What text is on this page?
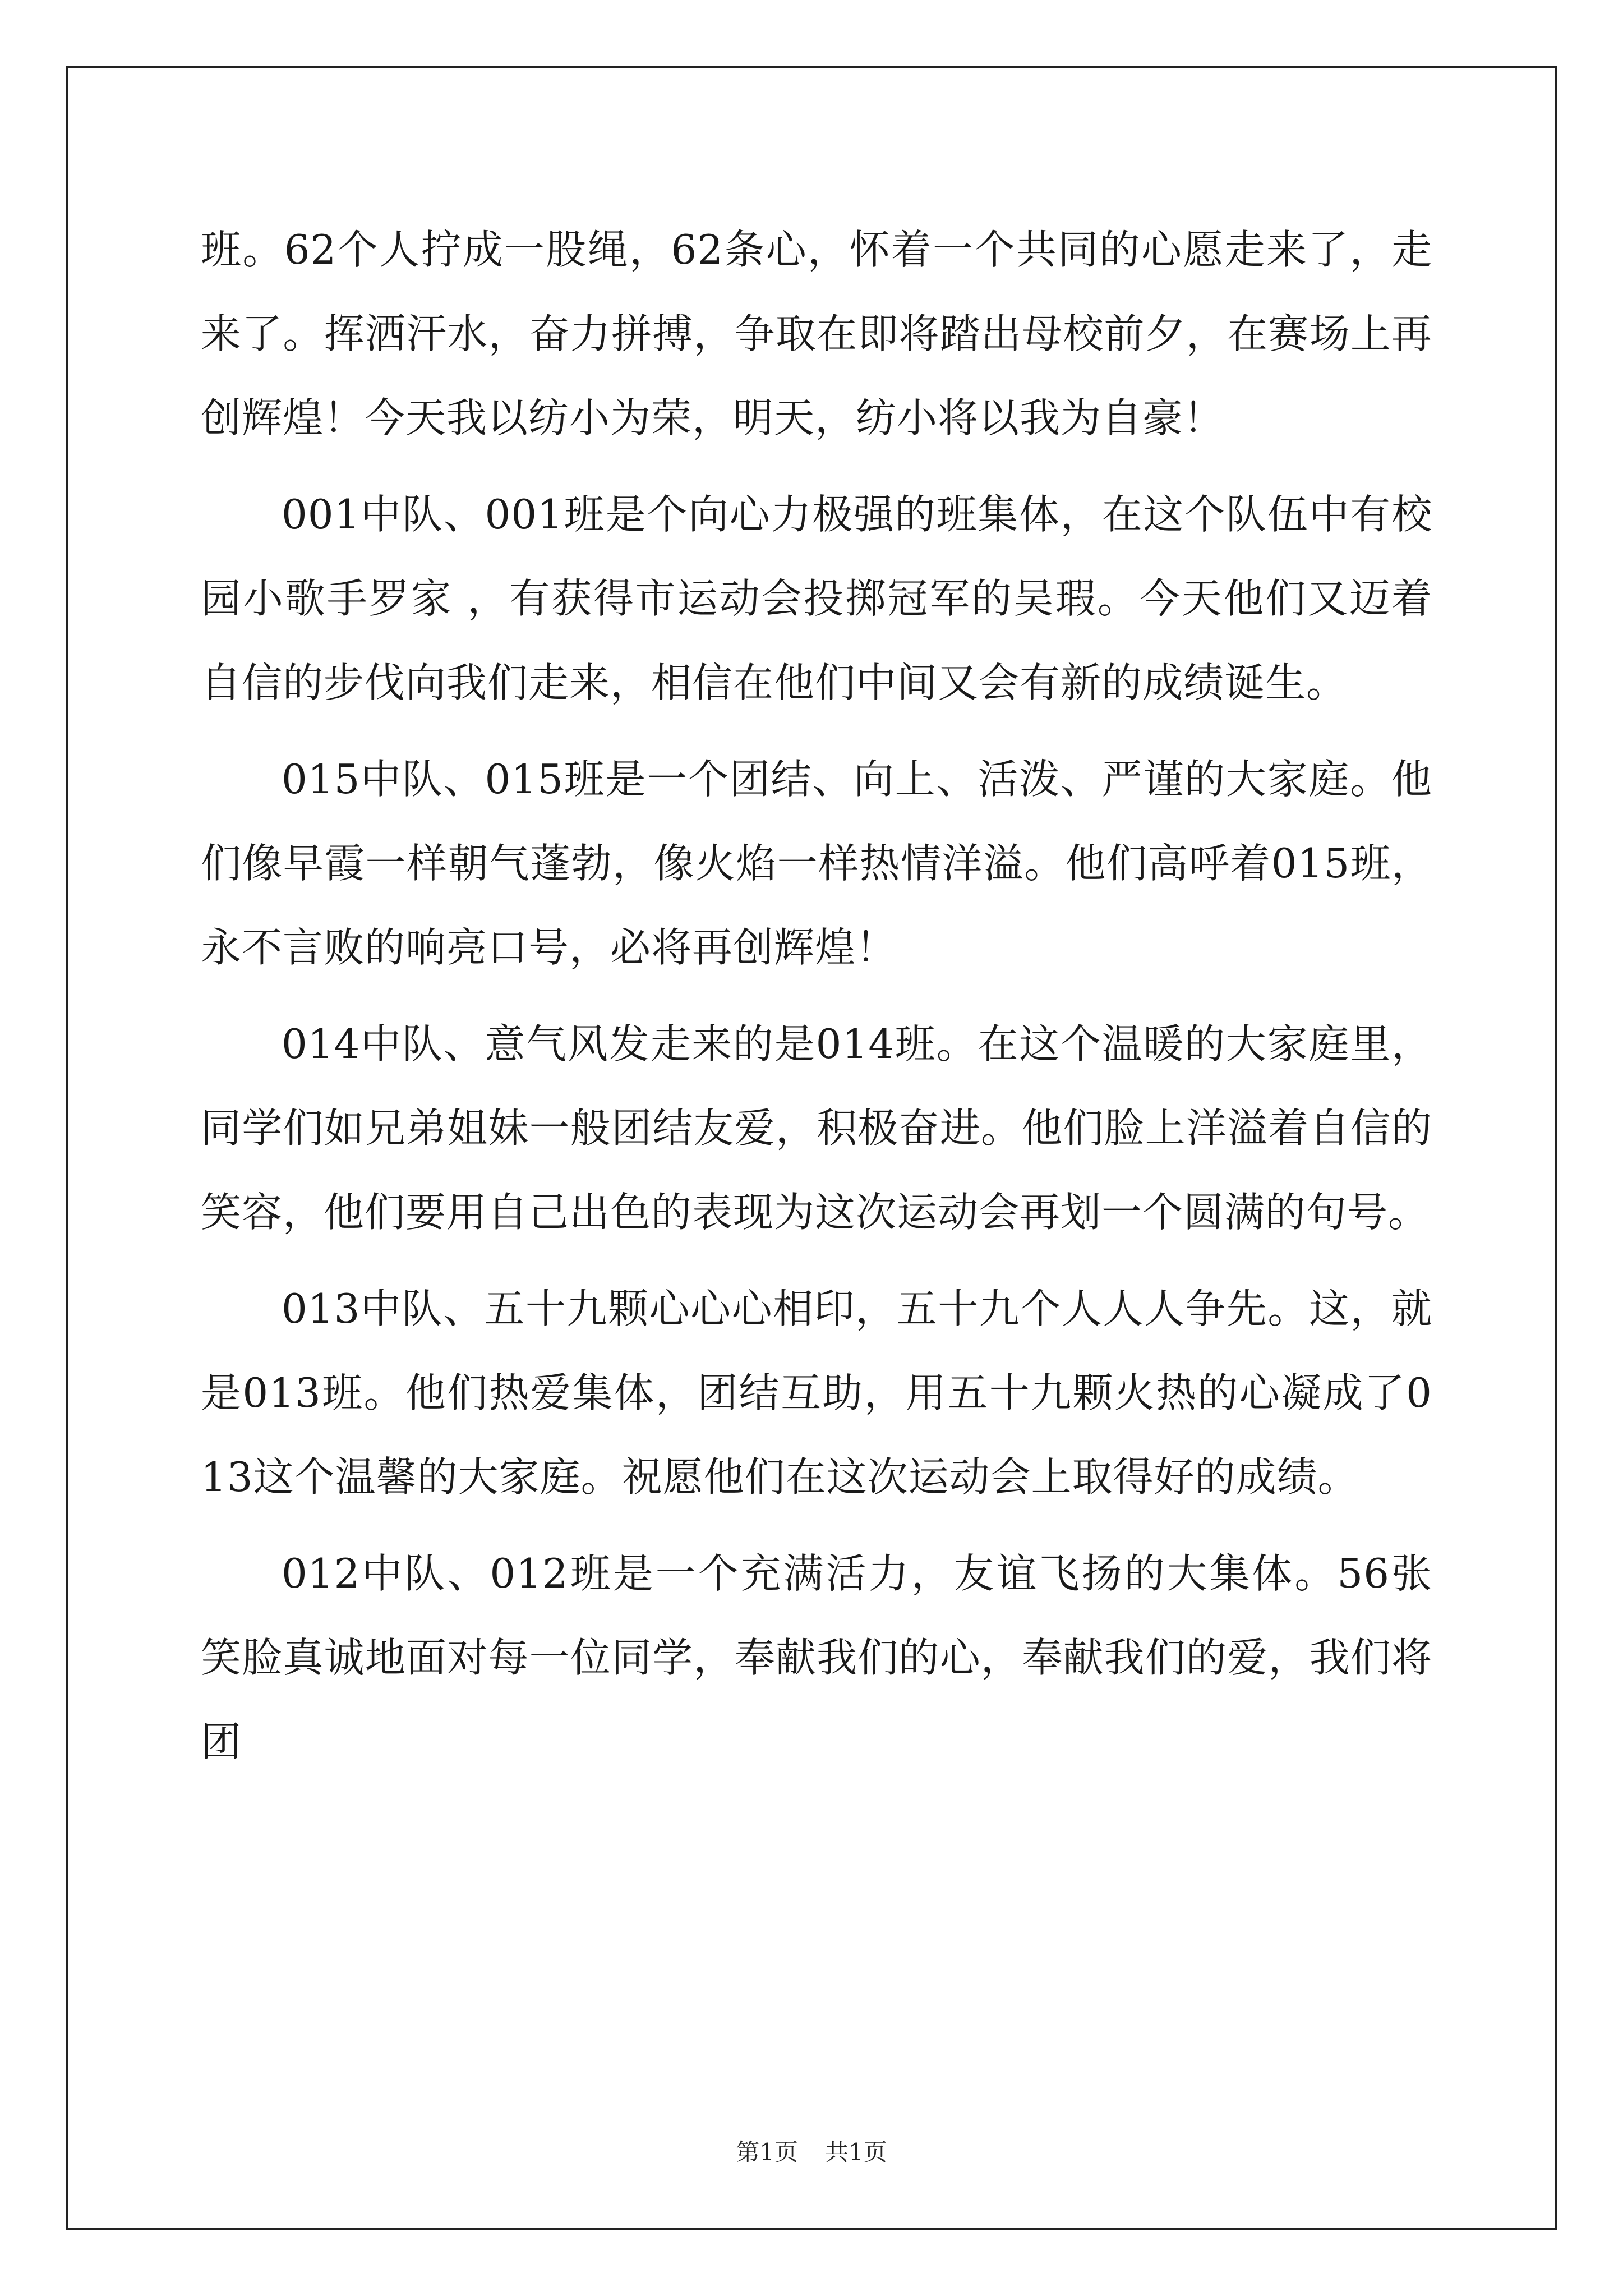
班。62个人拧成一股绳，62条心，怀着一个共同的心愿走来了，走来了。挥洒汗水，奋力拼搏，争取在即将踏出母校前夕，在赛场上再创辉煌！今天我以纺小为荣，明天，纺小将以我为自豪！

001中队、001班是个向心力极强的班集体，在这个队伍中有校园小歌手罗家 ，有获得市运动会投掷冠军的吴瑕。今天他们又迈着自信的步伐向我们走来，相信在他们中间又会有新的成绩诞生。

015中队、015班是一个团结、向上、活泼、严谨的大家庭。他们像早霞一样朝气蓬勃，像火焰一样热情洋溢。他们高呼着015班，永不言败的响亮口号，必将再创辉煌！

014中队、意气风发走来的是014班。在这个温暖的大家庭里，同学们如兄弟姐妹一般团结友爱，积极奋进。他们脸上洋溢着自信的笑容，他们要用自己出色的表现为这次运动会再划一个圆满的句号。

013中队、五十九颗心心心相印，五十九个人人人争先。这，就是013班。他们热爱集体，团结互助，用五十九颗火热的心凝成了013这个温馨的大家庭。祝愿他们在这次运动会上取得好的成绩。

012中队、012班是一个充满活力，友谊飞扬的大集体。56张笑脸真诚地面对每一位同学，奉献我们的心，奉献我们的爱，我们将团

第1页 共1页
